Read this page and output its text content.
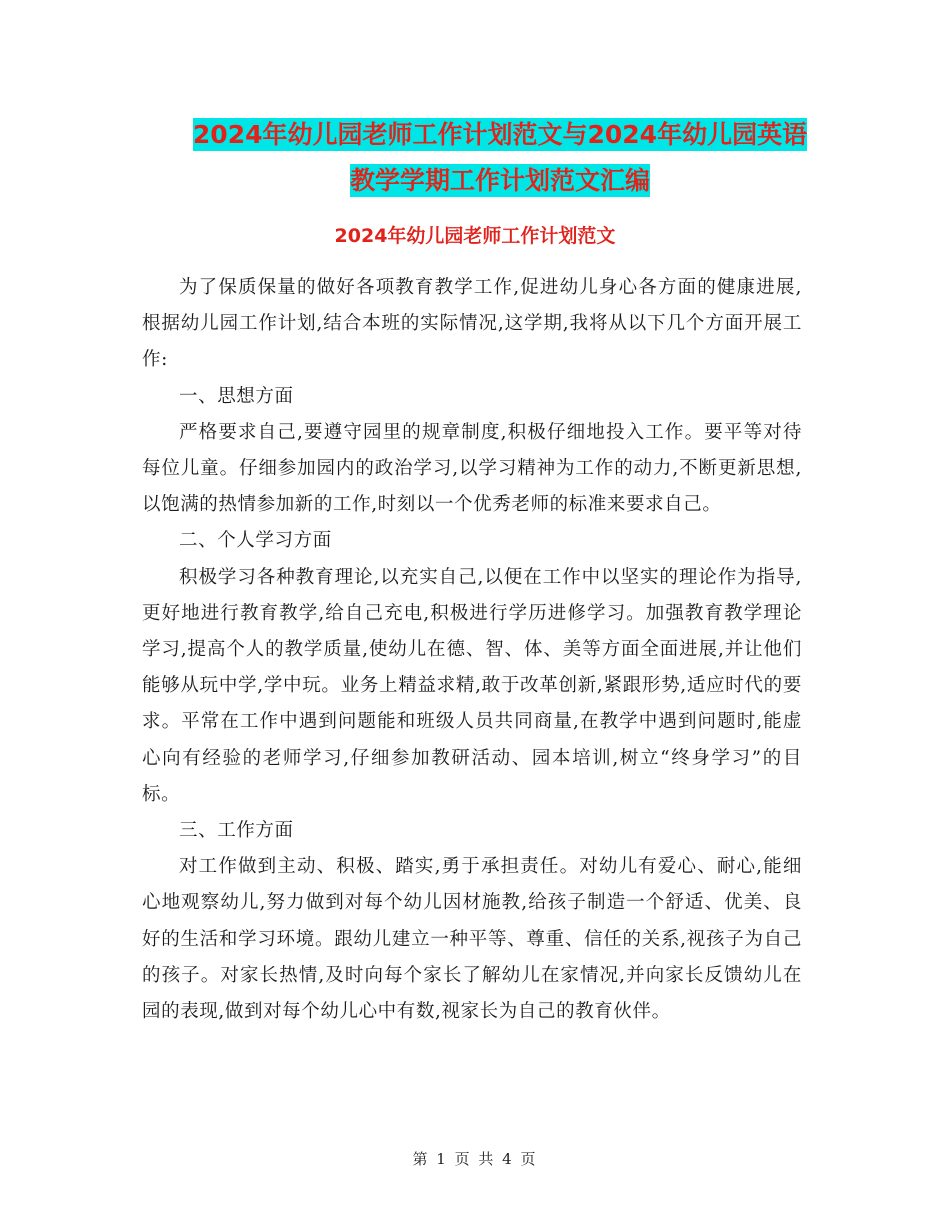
2024年幼儿园老师工作计划范文与2024年幼儿园英语
教学学期工作计划范文汇编
2024年幼儿园老师工作计划范文

为了保质保量的做好各项教育教学工作,促进幼儿身心各方面的健康进展,根据幼儿园工作计划,结合本班的实际情况,这学期,我将从以下几个方面开展工作:

一、思想方面

严格要求自己,要遵守园里的规章制度,积极仔细地投入工作。要平等对待每位儿童。仔细参加园内的政治学习,以学习精神为工作的动力,不断更新思想,以饱满的热情参加新的工作,时刻以一个优秀老师的标准来要求自己。

二、个人学习方面

积极学习各种教育理论,以充实自己,以便在工作中以坚实的理论作为指导,更好地进行教育教学,给自己充电,积极进行学历进修学习。加强教育教学理论学习,提高个人的教学质量,使幼儿在德、智、体、美等方面全面进展,并让他们能够从玩中学,学中玩。业务上精益求精,敢于改革创新,紧跟形势,适应时代的要求。平常在工作中遇到问题能和班级人员共同商量,在教学中遇到问题时,能虚心向有经验的老师学习,仔细参加教研活动、园本培训,树立“终身学习”的目标。

三、工作方面

对工作做到主动、积极、踏实,勇于承担责任。对幼儿有爱心、耐心,能细心地观察幼儿,努力做到对每个幼儿因材施教,给孩子制造一个舒适、优美、良好的生活和学习环境。跟幼儿建立一种平等、尊重、信任的关系,视孩子为自己的孩子。对家长热情,及时向每个家长了解幼儿在家情况,并向家长反馈幼儿在园的表现,做到对每个幼儿心中有数,视家长为自己的教育伙伴。

第 1 页 共 4 页
